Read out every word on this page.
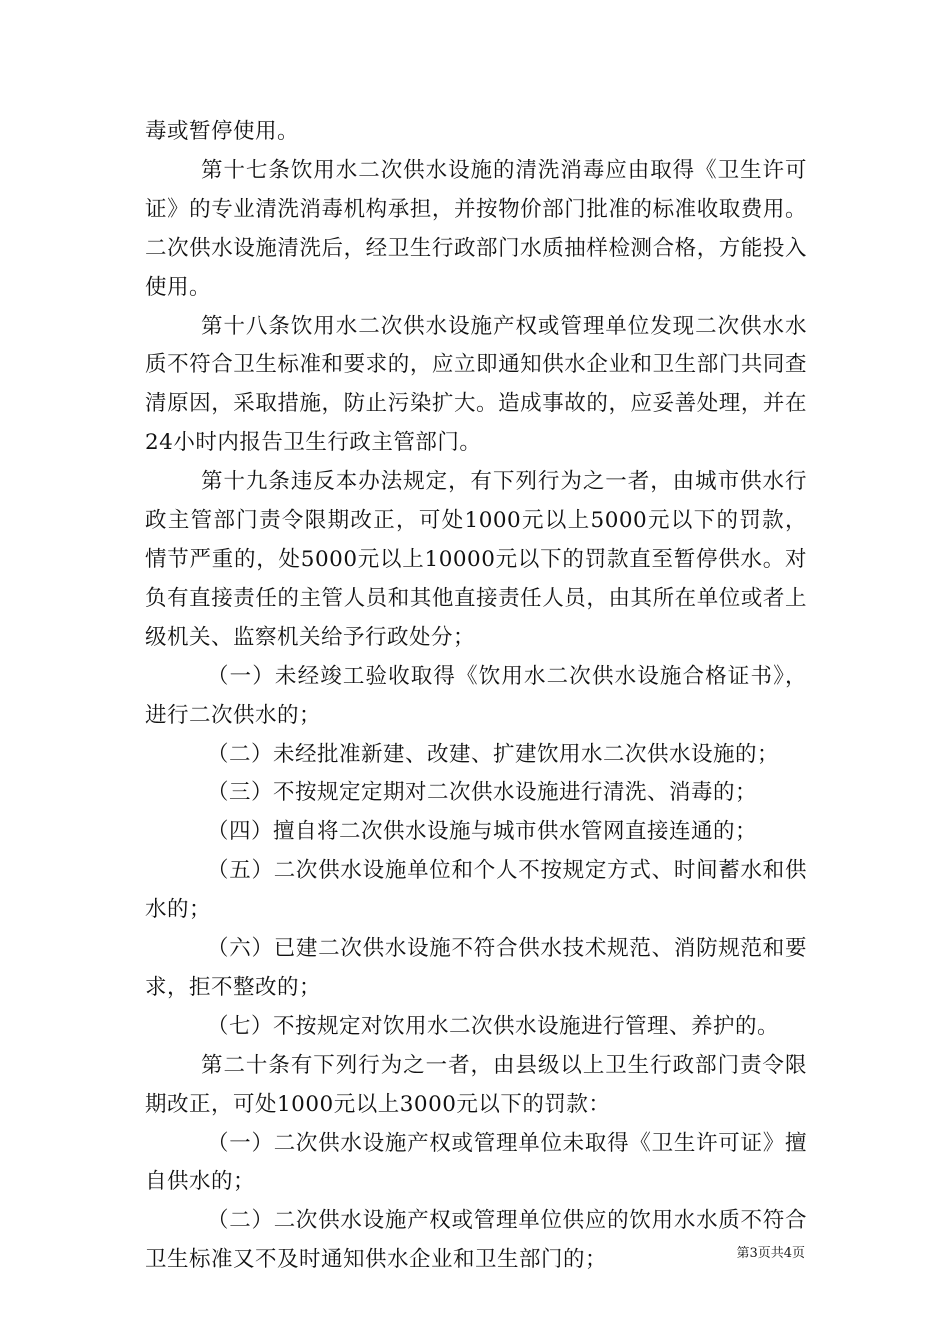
毒或暂停使用。

第十七条饮用水二次供水设施的清洗消毒应由取得《卫生许可证》的专业清洗消毒机构承担，并按物价部门批准的标准收取费用。二次供水设施清洗后，经卫生行政部门水质抽样检测合格，方能投入使用。

第十八条饮用水二次供水设施产权或管理单位发现二次供水水质不符合卫生标准和要求的，应立即通知供水企业和卫生部门共同查清原因，采取措施，防止污染扩大。造成事故的，应妥善处理，并在24小时内报告卫生行政主管部门。

第十九条违反本办法规定，有下列行为之一者，由城市供水行政主管部门责令限期改正，可处1000元以上5000元以下的罚款，情节严重的，处5000元以上10000元以下的罚款直至暂停供水。对负有直接责任的主管人员和其他直接责任人员，由其所在单位或者上级机关、监察机关给予行政处分；

（一）未经竣工验收取得《饮用水二次供水设施合格证书》，进行二次供水的；

（二）未经批准新建、改建、扩建饮用水二次供水设施的；

（三）不按规定定期对二次供水设施进行清洗、消毒的；

（四）擅自将二次供水设施与城市供水管网直接连通的；

（五）二次供水设施单位和个人不按规定方式、时间蓄水和供水的；

（六）已建二次供水设施不符合供水技术规范、消防规范和要求，拒不整改的；

（七）不按规定对饮用水二次供水设施进行管理、养护的。

第二十条有下列行为之一者，由县级以上卫生行政部门责令限期改正，可处1000元以上3000元以下的罚款：

（一）二次供水设施产权或管理单位未取得《卫生许可证》擅自供水的；

（二）二次供水设施产权或管理单位供应的饮用水水质不符合卫生标准又不及时通知供水企业和卫生部门的；	第3页共4页
